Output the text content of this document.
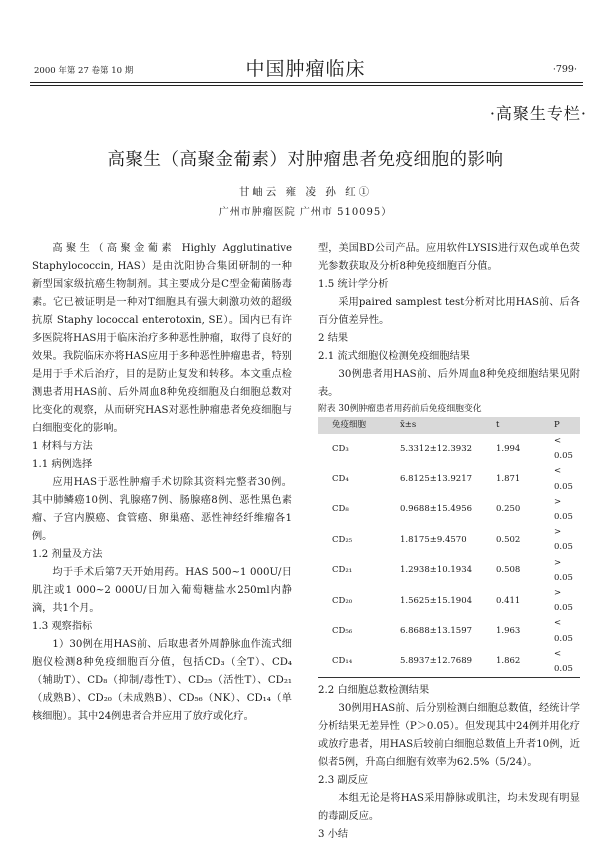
2000 年第 27 卷第 10 期	中国肿瘤临床	·799·
·高聚生专栏·
高聚生（高聚金葡素）对肿瘤患者免疫细胞的影响
甘岫云 雍 凌 孙 红①
广州市肿瘤医院 广州市 510095）

高聚生（高聚金葡素 Highly Agglutinative Staphylococcin, HAS）是由沈阳协合集团研制的一种新型国家级抗癌生物制剂。其主要成分是C型金葡菌肠毒素。它已被证明是一种对T细胞具有强大刺激功效的超级抗原 Staphy lococcal enterotoxin, SE）。国内已有许多医院将HAS用于临床治疗多种恶性肿瘤，取得了良好的效果。我院临床亦将HAS应用于多种恶性肿瘤患者，特别是用于手术后治疗，目的是防止复发和转移。本文重点检测患者用HAS前、后外周血8种免疫细胞及白细胞总数对比变化的观察，从而研究HAS对恶性肿瘤患者免疫细胞与白细胞变化的影响。

1 材料与方法

1.1 病例选择

应用HAS于恶性肿瘤手术切除其资料完整者30例。其中肺鳞癌10例、乳腺癌7例、肠腺癌8例、恶性黑色素瘤、子宫内膜癌、食管癌、卵巢癌、恶性神经纤维瘤各1例。

1.2 剂量及方法

均于手术后第7天开始用药。HAS 500~1 000U/日肌注或1 000~2 000U/日加入葡萄糖盐水250ml内静滴，共1个月。

1.3 观察指标

1）30例在用HAS前、后取患者外周静脉血作流式细胞仪检测8种免疫细胞百分值，包括CD₃（全T）、CD₄（辅助T）、CD₈（抑制/毒性T）、CD₂₅（活性T）、CD₂₁（成熟B）、CD₂₀（未成熟B）、CD₅₆（NK）、CD₁₄（单核细胞）。其中24例患者合并应用了放疗或化疗。

型，美国BD公司产品。应用软件LYSIS进行双色或单色荧光参数获取及分析8种免疫细胞百分值。

1.5 统计学分析

采用paired samplest test分析对比用HAS前、后各百分值差异性。

2 结果

2.1 流式细胞仪检测免疫细胞结果

30例患者用HAS前、后外周血8种免疫细胞结果见附表。

附表 30例肿瘤患者用药前后免疫细胞变化

免疫细胞	x̄±s	t	P
CD₃	5.3312±12.3932	1.994	< 0.05
CD₄	6.8125±13.9217	1.871	< 0.05
CD₈	0.9688±15.4956	0.250	> 0.05
CD₂₅	1.8175±9.4570	0.502	> 0.05
CD₂₁	1.2938±10.1934	0.508	> 0.05
CD₂₀	1.5625±15.1904	0.411	> 0.05
CD₅₆	6.8688±13.1597	1.963	< 0.05
CD₁₄	5.8937±12.7689	1.862	< 0.05

2.2 白细胞总数检测结果

30例用HAS前、后分别检测白细胞总数值，经统计学分析结果无差异性（P＞0.05）。但发现其中24例并用化疗或放疗患者，用HAS后较前白细胞总数值上升者10例，近似者5例，升高白细胞有效率为62.5%（5/24）。

2.3 副反应

本组无论是将HAS采用静脉或肌注，均未发现有明显的毒副反应。

3 小结
